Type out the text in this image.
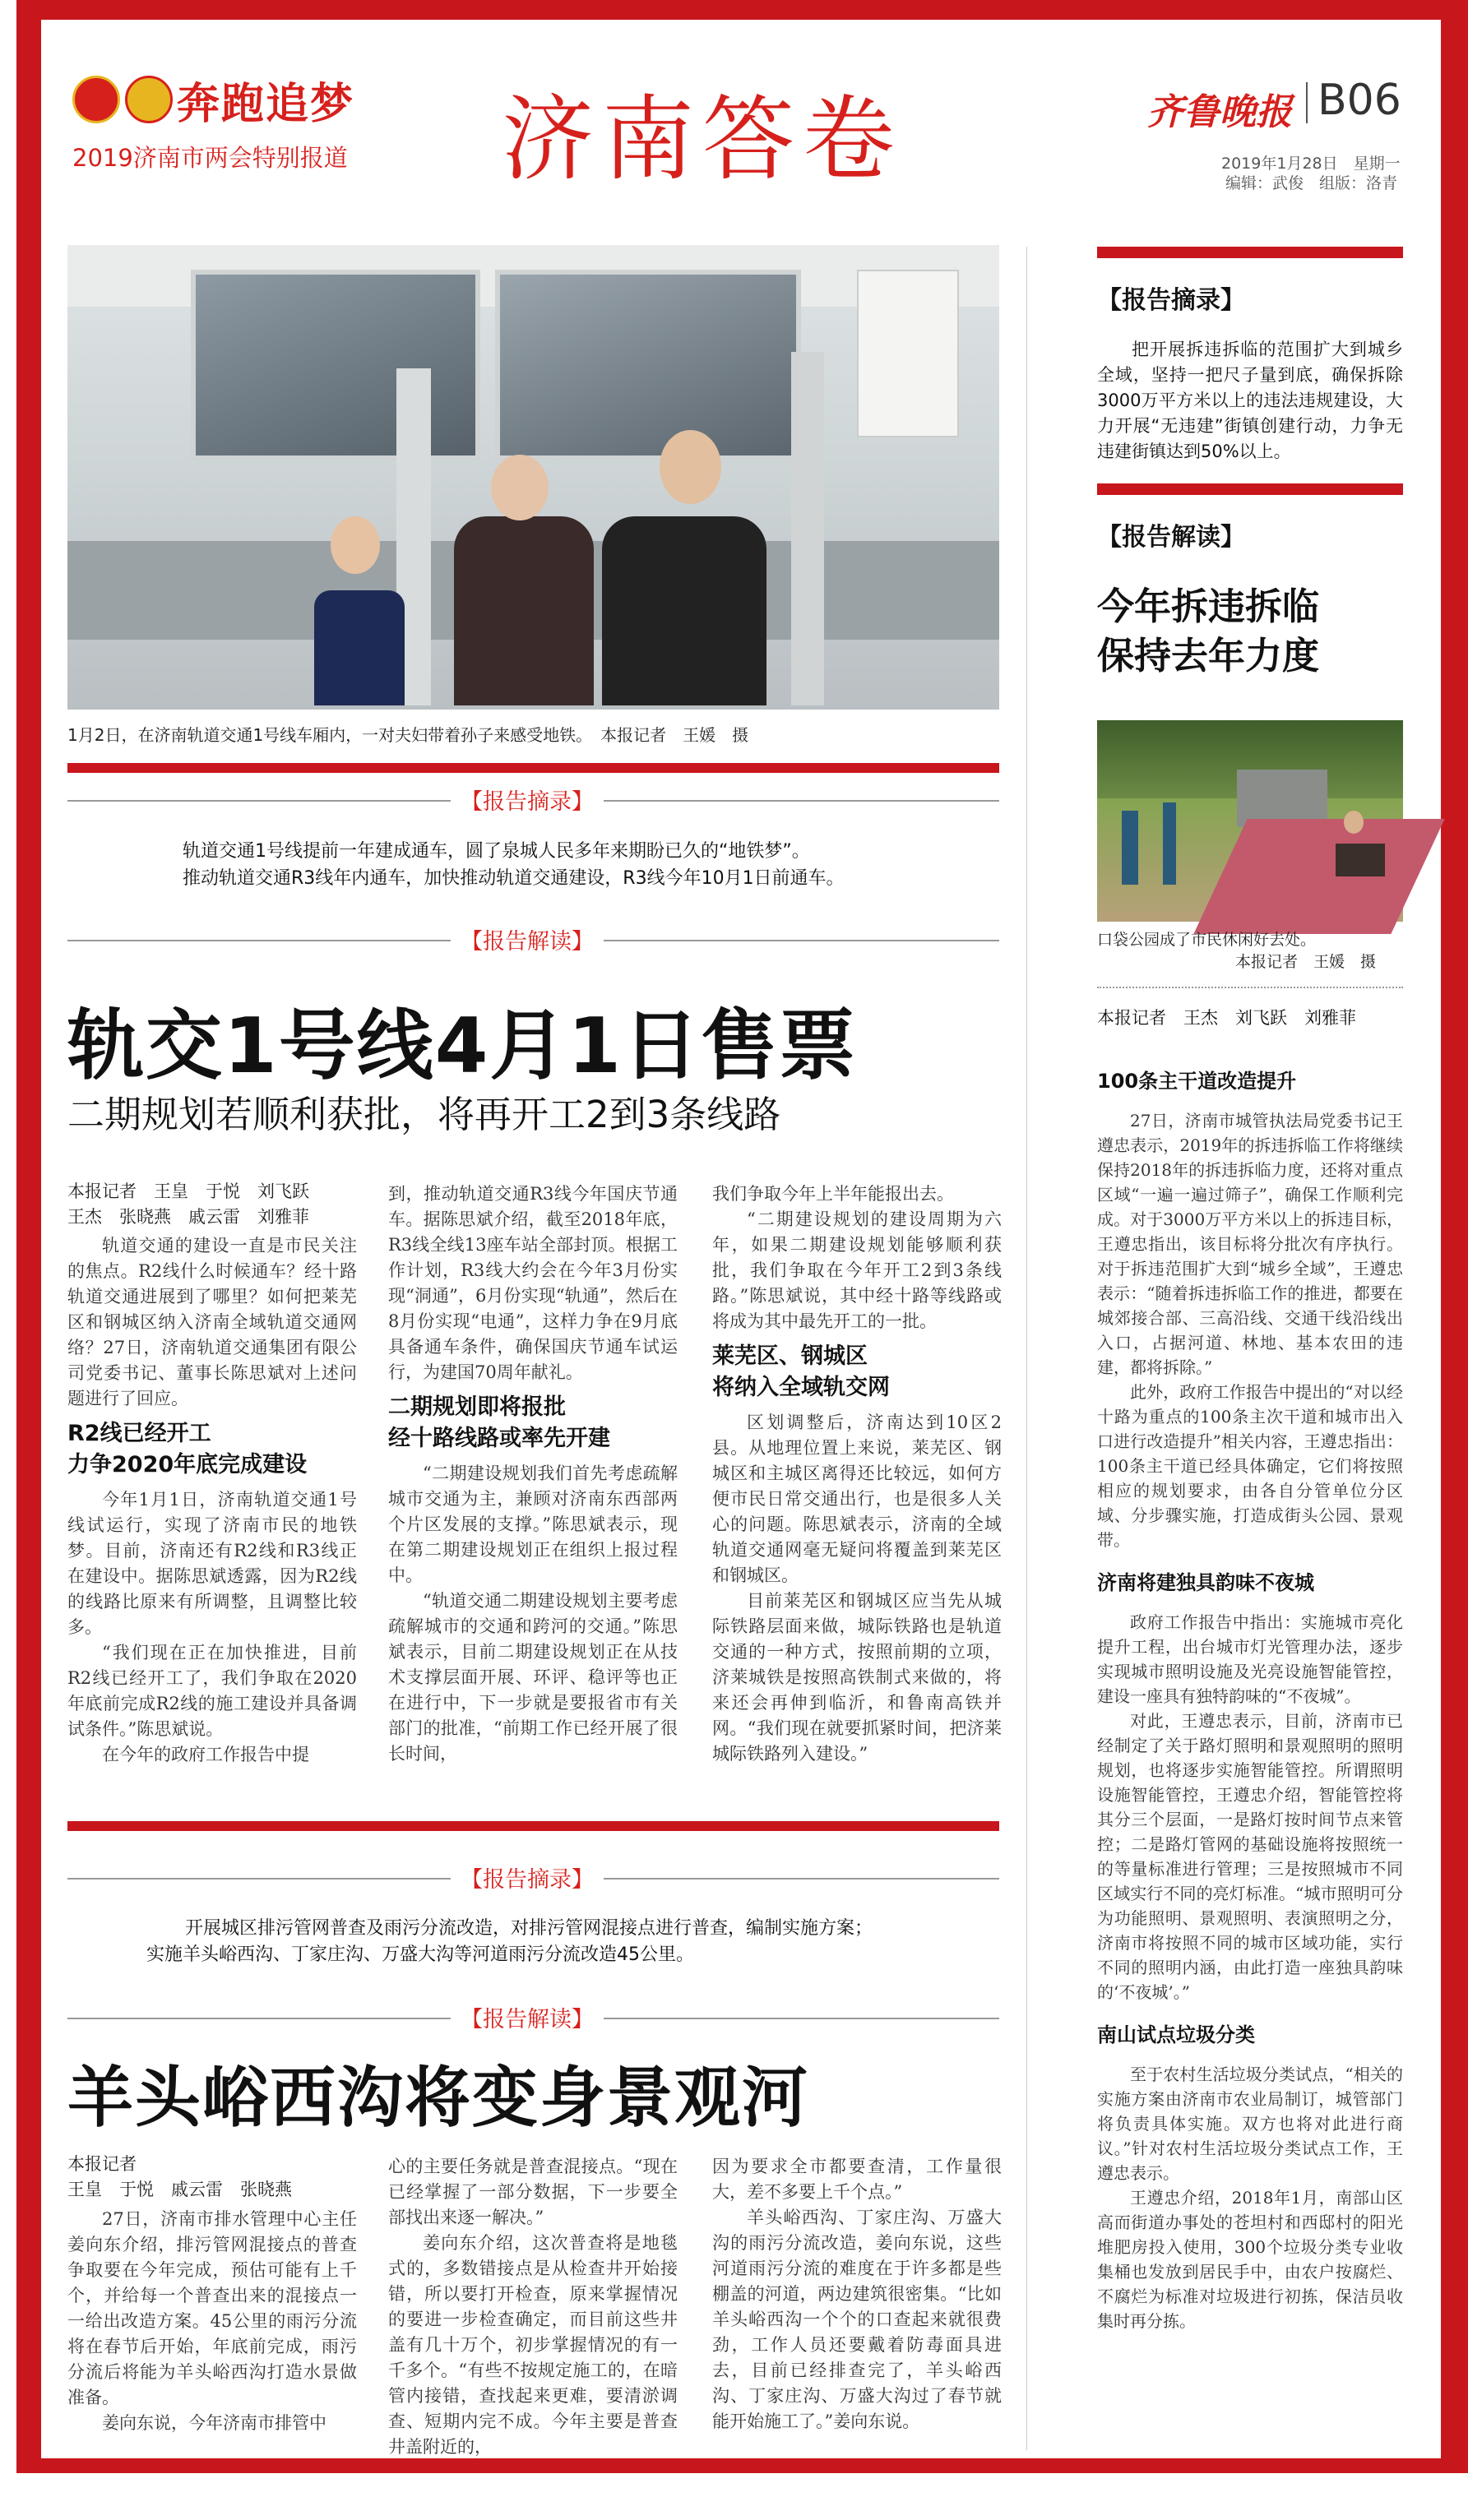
奔跑追梦
2019济南市两会特别报道 济南答卷	齐鲁晚报 B06
2019年1月28日　星期一
编辑：武俊　组版：洛青
1月2日，在济南轨道交通1号线车厢内，一对夫妇带着孙子来感受地铁。　本报记者　王媛　摄
【报告摘录】
轨道交通1号线提前一年建成通车，圆了泉城人民多年来期盼已久的“地铁梦”。
推动轨道交通R3线年内通车，加快推动轨道交通建设，R3线今年10月1日前通车。
【报告解读】
轨交1号线4月1日售票
二期规划若顺利获批，将再开工2到3条线路
本报记者　王皇　于悦　刘飞跃
王杰　张晓燕　戚云雷　刘雅菲

轨道交通的建设一直是市民关注的焦点。R2线什么时候通车？经十路轨道交通进展到了哪里？如何把莱芜区和钢城区纳入济南全域轨道交通网络？27日，济南轨道交通集团有限公司党委书记、董事长陈思斌对上述问题进行了回应。

R2线已经开工
力争2020年底完成建设

今年1月1日，济南轨道交通1号线试运行，实现了济南市民的地铁梦。目前，济南还有R2线和R3线正在建设中。据陈思斌透露，因为R2线的线路比原来有所调整，且调整比较多。

“我们现在正在加快推进，目前R2线已经开工了，我们争取在2020年底前完成R2线的施工建设并具备调试条件。”陈思斌说。

在今年的政府工作报告中提

到，推动轨道交通R3线今年国庆节通车。据陈思斌介绍，截至2018年底，R3线全线13座车站全部封顶。根据工作计划，R3线大约会在今年3月份实现“洞通”，6月份实现“轨通”，然后在8月份实现“电通”，这样力争在9月底具备通车条件，确保国庆节通车试运行，为建国70周年献礼。

二期规划即将报批
经十路线路或率先开建

“二期建设规划我们首先考虑疏解城市交通为主，兼顾对济南东西部两个片区发展的支撑。”陈思斌表示，现在第二期建设规划正在组织上报过程中。

“轨道交通二期建设规划主要考虑疏解城市的交通和跨河的交通。”陈思斌表示，目前二期建设规划正在从技术支撑层面开展、环评、稳评等也正在进行中，下一步就是要报省市有关部门的批准，“前期工作已经开展了很长时间，

我们争取今年上半年能报出去。

“二期建设规划的建设周期为六年，如果二期建设规划能够顺利获批，我们争取在今年开工2到3条线路。”陈思斌说，其中经十路等线路或将成为其中最先开工的一批。

莱芜区、钢城区
将纳入全域轨交网

区划调整后，济南达到10区2县。从地理位置上来说，莱芜区、钢城区和主城区离得还比较远，如何方便市民日常交通出行，也是很多人关心的问题。陈思斌表示，济南的全域轨道交通网毫无疑问将覆盖到莱芜区和钢城区。

目前莱芜区和钢城区应当先从城际铁路层面来做，城际铁路也是轨道交通的一种方式，按照前期的立项，济莱城铁是按照高铁制式来做的，将来还会再伸到临沂，和鲁南高铁并网。“我们现在就要抓紧时间，把济莱城际铁路列入建设。”

【报告摘录】
开展城区排污管网普查及雨污分流改造，对排污管网混接点进行普查，编制实施方案；
实施羊头峪西沟、丁家庄沟、万盛大沟等河道雨污分流改造45公里。
【报告解读】
羊头峪西沟将变身景观河
本报记者
王皇　于悦　戚云雷　张晓燕

27日，济南市排水管理中心主任姜向东介绍，排污管网混接点的普查争取要在今年完成，预估可能有上千个，并给每一个普查出来的混接点一一给出改造方案。45公里的雨污分流将在春节后开始，年底前完成，雨污分流后将能为羊头峪西沟打造水景做准备。

姜向东说，今年济南市排管中

心的主要任务就是普查混接点。“现在已经掌握了一部分数据，下一步要全部找出来逐一解决。”

姜向东介绍，这次普查将是地毯式的，多数错接点是从检查井开始接错，所以要打开检查，原来掌握情况的要进一步检查确定，而目前这些井盖有几十万个，初步掌握情况的有一千多个。“有些不按规定施工的，在暗管内接错，查找起来更难，要清淤调查、短期内完不成。今年主要是普查井盖附近的，

因为要求全市都要查清，工作量很大，差不多要上千个点。”

羊头峪西沟、丁家庄沟、万盛大沟的雨污分流改造，姜向东说，这些河道雨污分流的难度在于许多都是些棚盖的河道，两边建筑很密集。“比如羊头峪西沟一个个的口查起来就很费劲，工作人员还要戴着防毒面具进去，目前已经排查完了，羊头峪西沟、丁家庄沟、万盛大沟过了春节就能开始施工了。”姜向东说。

【报告摘录】
把开展拆违拆临的范围扩大到城乡全域，坚持一把尺子量到底，确保拆除3000万平方米以上的违法违规建设，大力开展“无违建”街镇创建行动，力争无违建街镇达到50%以上。
【报告解读】
今年拆违拆临
保持去年力度
口袋公园成了市民休闲好去处。
本报记者　王媛　摄
本报记者　王杰　刘飞跃　刘雅菲
100条主干道改造提升

27日，济南市城管执法局党委书记王遵忠表示，2019年的拆违拆临工作将继续保持2018年的拆违拆临力度，还将对重点区域“一遍一遍过筛子”，确保工作顺利完成。对于3000万平方米以上的拆违目标，王遵忠指出，该目标将分批次有序执行。对于拆违范围扩大到“城乡全域”，王遵忠表示：“随着拆违拆临工作的推进，都要在城郊接合部、三高沿线、交通干线沿线出入口，占据河道、林地、基本农田的违建，都将拆除。”

此外，政府工作报告中提出的“对以经十路为重点的100条主次干道和城市出入口进行改造提升”相关内容，王遵忠指出：100条主干道已经具体确定，它们将按照相应的规划要求，由各自分管单位分区域、分步骤实施，打造成街头公园、景观带。

济南将建独具韵味不夜城

政府工作报告中指出：实施城市亮化提升工程，出台城市灯光管理办法，逐步实现城市照明设施及光亮设施智能管控，建设一座具有独特韵味的“不夜城”。

对此，王遵忠表示，目前，济南市已经制定了关于路灯照明和景观照明的照明规划，也将逐步实施智能管控。所谓照明设施智能管控，王遵忠介绍，智能管控将其分三个层面，一是路灯按时间节点来管控；二是路灯管网的基础设施将按照统一的等量标准进行管理；三是按照城市不同区域实行不同的亮灯标准。“城市照明可分为功能照明、景观照明、表演照明之分，济南市将按照不同的城市区域功能，实行不同的照明内涵，由此打造一座独具韵味的‘不夜城’。”

南山试点垃圾分类

至于农村生活垃圾分类试点，“相关的实施方案由济南市农业局制订，城管部门将负责具体实施。双方也将对此进行商议。”针对农村生活垃圾分类试点工作，王遵忠表示。

王遵忠介绍，2018年1月，南部山区高而街道办事处的苍坦村和西邸村的阳光堆肥房投入使用，300个垃圾分类专业收集桶也发放到居民手中，由农户按腐烂、不腐烂为标准对垃圾进行初拣，保洁员收集时再分拣。
